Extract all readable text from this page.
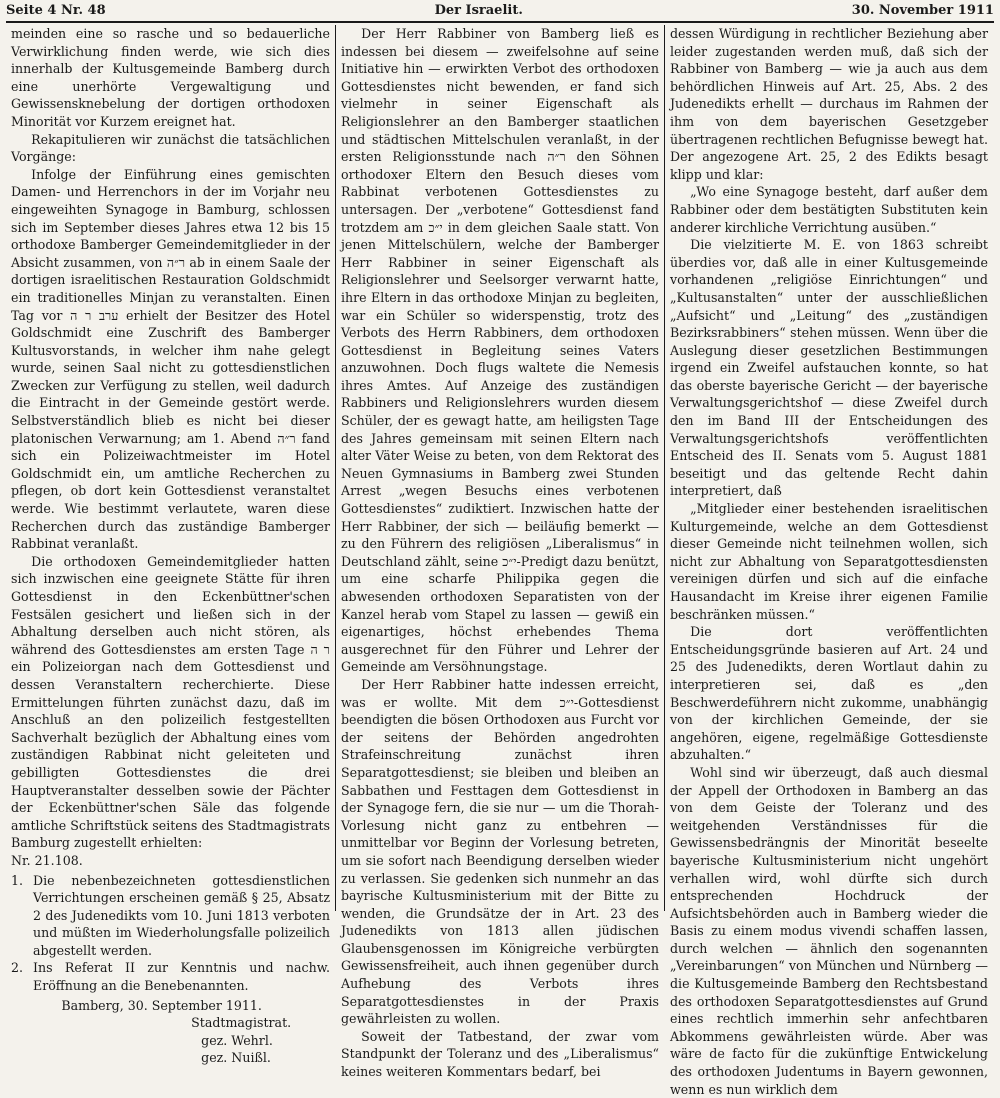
Seite 4 Nr. 48	Der Israelit.	30. November 1911

meinden eine so rasche und so bedauerliche Verwirklichung finden werde, wie sich dies innerhalb der Kultusgemeinde Bamberg durch eine unerhörte Vergewaltigung und Gewissensknebelung der dortigen orthodoxen Minorität vor Kurzem ereignet hat.

Rekapitulieren wir zunächst die tatsächlichen Vorgänge:

Infolge der Einführung eines gemischten Damen- und Herrenchors in der im Vorjahr neu eingeweihten Synagoge in Bamburg, schlossen sich im September dieses Jahres etwa 12 bis 15 orthodoxe Bamberger Gemeindemitglieder in der Absicht zusammen, von ר״ה ab in einem Saale der dortigen israelitischen Restauration Goldschmidt ein traditionelles Minjan zu veranstalten. Einen Tag vor ערב ר ה erhielt der Besitzer des Hotel Goldschmidt eine Zuschrift des Bamberger Kultusvorstands, in welcher ihm nahe gelegt wurde, seinen Saal nicht zu gottesdienstlichen Zwecken zur Verfügung zu stellen, weil dadurch die Eintracht in der Gemeinde gestört werde. Selbstverständlich blieb es nicht bei dieser platonischen Verwarnung; am 1. Abend ר״ה fand sich ein Polizeiwachtmeister im Hotel Goldschmidt ein, um amtliche Recherchen zu pflegen, ob dort kein Gottesdienst veranstaltet werde. Wie bestimmt verlautete, waren diese Recherchen durch das zuständige Bamberger Rabbinat veranlaßt.

Die orthodoxen Gemeindemitglieder hatten sich inzwischen eine geeignete Stätte für ihren Gottesdienst in den Eckenbüttner'schen Festsälen gesichert und ließen sich in der Abhaltung derselben auch nicht stören, als während des Gottesdienstes am ersten Tage ר ה ein Polizeiorgan nach dem Gottesdienst und dessen Veranstaltern recherchierte. Diese Ermittelungen führten zunächst dazu, daß im Anschluß an den polizeilich festgestellten Sachverhalt bezüglich der Abhaltung eines vom zuständigen Rabbinat nicht geleiteten und gebilligten Gottesdienstes die drei Hauptveranstalter desselben sowie der Pächter der Eckenbüttner'schen Säle das folgende amtliche Schriftstück seitens des Stadtmagistrats Bamburg zugestellt erhielten:

Nr. 21.108.

1. Die nebenbezeichneten gottesdienstlichen Verrichtungen erscheinen gemäß § 25, Absatz 2 des Judenedikts vom 10. Juni 1813 verboten und müßten im Wiederholungsfalle polizeilich abgestellt werden.
2. Ins Referat II zur Kenntnis und nachw. Eröffnung an die Benebenannten.

Bamberg, 30. September 1911.

Stadtmagistrat.

gez. Wehrl.

gez. Nuißl.

Der Herr Rabbiner von Bamberg ließ es indessen bei diesem — zweifelsohne auf seine Initiative hin — erwirkten Verbot des orthodoxen Gottesdienstes nicht bewenden, er fand sich vielmehr in seiner Eigenschaft als Religionslehrer an den Bamberger staatlichen und städtischen Mittelschulen veranlaßt, in der ersten Religionsstunde nach ר״ה den Söhnen orthodoxer Eltern den Besuch dieses vom Rabbinat verbotenen Gottesdienstes zu untersagen. Der „verbotene“ Gottesdienst fand trotzdem am י״כ in dem gleichen Saale statt. Von jenen Mittelschülern, welche der Bamberger Herr Rabbiner in seiner Eigenschaft als Religionslehrer und Seelsorger verwarnt hatte, ihre Eltern in das orthodoxe Minjan zu begleiten, war ein Schüler so widerspenstig, trotz des Verbots des Herrn Rabbiners, dem orthodoxen Gottesdienst in Begleitung seines Vaters anzuwohnen. Doch flugs waltete die Nemesis ihres Amtes. Auf Anzeige des zuständigen Rabbiners und Religionslehrers wurden diesem Schüler, der es gewagt hatte, am heiligsten Tage des Jahres gemeinsam mit seinen Eltern nach alter Väter Weise zu beten, von dem Rektorat des Neuen Gymnasiums in Bamberg zwei Stunden Arrest „wegen Besuchs eines verbotenen Gottesdienstes“ zudiktiert. Inzwischen hatte der Herr Rabbiner, der sich — beiläufig bemerkt — zu den Führern des religiösen „Liberalismus“ in Deutschland zählt, seine י״כ-Predigt dazu benützt, um eine scharfe Philippika gegen die abwesenden orthodoxen Separatisten von der Kanzel herab vom Stapel zu lassen — gewiß ein eigenartiges, höchst erhebendes Thema ausgerechnet für den Führer und Lehrer der Gemeinde am Versöhnungstage.

Der Herr Rabbiner hatte indessen erreicht, was er wollte. Mit dem י״כ-Gottesdienst beendigten die bösen Orthodoxen aus Furcht vor der seitens der Behörden angedrohten Strafeinschreitung zunächst ihren Separatgottesdienst; sie bleiben und bleiben an Sabbathen und Festtagen dem Gottesdienst in der Synagoge fern, die sie nur — um die Thorah-Vorlesung nicht ganz zu entbehren — unmittelbar vor Beginn der Vorlesung betreten, um sie sofort nach Beendigung derselben wieder zu verlassen. Sie gedenken sich nunmehr an das bayrische Kultusministerium mit der Bitte zu wenden, die Grundsätze der in Art. 23 des Judenedikts von 1813 allen jüdischen Glaubensgenossen im Königreiche verbürgten Gewissensfreiheit, auch ihnen gegenüber durch Aufhebung des Verbots ihres Separatgottesdienstes in der Praxis gewährleisten zu wollen.

Soweit der Tatbestand, der zwar vom Standpunkt der Toleranz und des „Liberalismus“ keines weiteren Kommentars bedarf, bei

dessen Würdigung in rechtlicher Beziehung aber leider zugestanden werden muß, daß sich der Rabbiner von Bamberg — wie ja auch aus dem behördlichen Hinweis auf Art. 25, Abs. 2 des Judenedikts erhellt — durchaus im Rahmen der ihm von dem bayerischen Gesetzgeber übertragenen rechtlichen Befugnisse bewegt hat. Der angezogene Art. 25, 2 des Edikts besagt klipp und klar:

„Wo eine Synagoge besteht, darf außer dem Rabbiner oder dem bestätigten Substituten kein anderer kirchliche Verrichtung ausüben.“

Die vielzitierte M. E. von 1863 schreibt überdies vor, daß alle in einer Kultusgemeinde vorhandenen „religiöse Einrichtungen“ und „Kultusanstalten“ unter der ausschließlichen „Aufsicht“ und „Leitung“ des „zuständigen Bezirksrabbiners“ stehen müssen. Wenn über die Auslegung dieser gesetzlichen Bestimmungen irgend ein Zweifel aufstauchen konnte, so hat das oberste bayerische Gericht — der bayerische Verwaltungsgerichtshof — diese Zweifel durch den im Band III der Entscheidungen des Verwaltungsgerichtshofs veröffentlichten Entscheid des II. Senats vom 5. August 1881 beseitigt und das geltende Recht dahin interpretiert, daß

„Mitglieder einer bestehenden israelitischen Kulturgemeinde, welche an dem Gottesdienst dieser Gemeinde nicht teilnehmen wollen, sich nicht zur Abhaltung von Separatgottesdiensten vereinigen dürfen und sich auf die einfache Hausandacht im Kreise ihrer eigenen Familie beschränken müssen.“

Die dort veröffentlichten Entscheidungsgründe basieren auf Art. 24 und 25 des Judenedikts, deren Wortlaut dahin zu interpretieren sei, daß es „den Beschwerdeführern nicht zukomme, unabhängig von der kirchlichen Gemeinde, der sie angehören, eigene, regelmäßige Gottesdienste abzuhalten.“

Wohl sind wir überzeugt, daß auch diesmal der Appell der Orthodoxen in Bamberg an das von dem Geiste der Toleranz und des weitgehenden Verständnisses für die Gewissensbedrängnis der Minorität beseelte bayerische Kultusministerium nicht ungehört verhallen wird, wohl dürfte sich durch entsprechenden Hochdruck der Aufsichtsbehörden auch in Bamberg wieder die Basis zu einem modus vivendi schaffen lassen, durch welchen — ähnlich den sogenannten „Vereinbarungen“ von München und Nürnberg — die Kultusgemeinde Bamberg den Rechtsbestand des orthodoxen Separatgottesdienstes auf Grund eines rechtlich immerhin sehr anfechtbaren Abkommens gewährleisten würde. Aber was wäre de facto für die zukünftige Entwickelung des orthodoxen Judentums in Bayern gewonnen, wenn es nun wirklich dem
